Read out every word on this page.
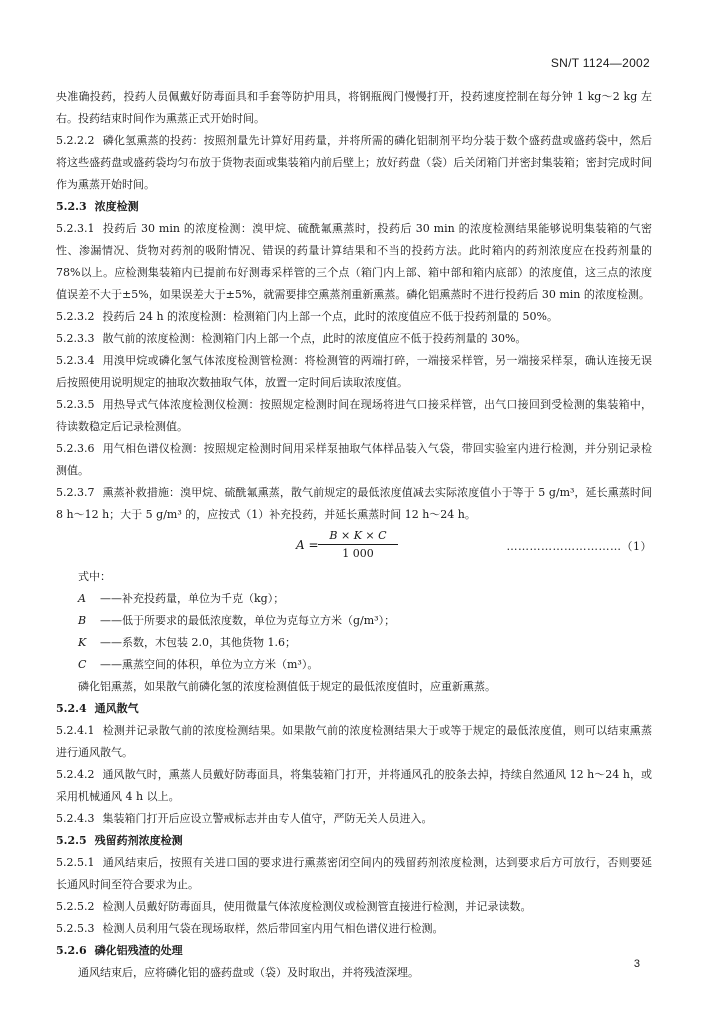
SN/T 1124—2002

央准确投药，投药人员佩戴好防毒面具和手套等防护用具，将钢瓶阀门慢慢打开，投药速度控制在每分钟 1 kg～2 kg 左右。投药结束时间作为熏蒸正式开始时间。

5.2.2.2 磷化氢熏蒸的投药：按照剂量先计算好用药量，并将所需的磷化铝制剂平均分装于数个盛药盘或盛药袋中，然后将这些盛药盘或盛药袋均匀布放于货物表面或集装箱内前后壁上；放好药盘（袋）后关闭箱门并密封集装箱；密封完成时间作为熏蒸开始时间。

5.2.3 浓度检测

5.2.3.1 投药后 30 min 的浓度检测：溴甲烷、硫酰氟熏蒸时，投药后 30 min 的浓度检测结果能够说明集装箱的气密性、渗漏情况、货物对药剂的吸附情况、错误的药量计算结果和不当的投药方法。此时箱内的药剂浓度应在投药剂量的 78%以上。应检测集装箱内已提前布好测毒采样管的三个点（箱门内上部、箱中部和箱内底部）的浓度值，这三点的浓度值误差不大于±5%，如果误差大于±5%，就需要排空熏蒸剂重新熏蒸。磷化铝熏蒸时不进行投药后 30 min 的浓度检测。

5.2.3.2 投药后 24 h 的浓度检测：检测箱门内上部一个点，此时的浓度值应不低于投药剂量的 50%。

5.2.3.3 散气前的浓度检测：检测箱门内上部一个点，此时的浓度值应不低于投药剂量的 30%。

5.2.3.4 用溴甲烷或磷化氢气体浓度检测管检测：将检测管的两端打碎，一端接采样管，另一端接采样泵，确认连接无误后按照使用说明规定的抽取次数抽取气体，放置一定时间后读取浓度值。

5.2.3.5 用热导式气体浓度检测仪检测：按照规定检测时间在现场将进气口接采样管，出气口接回到受检测的集装箱中，待读数稳定后记录检测值。

5.2.3.6 用气相色谱仪检测：按照规定检测时间用采样泵抽取气体样品装入气袋，带回实验室内进行检测，并分别记录检测值。

5.2.3.7 熏蒸补救措施：溴甲烷、硫酰氟熏蒸，散气前规定的最低浓度值减去实际浓度值小于等于 5 g/m³，延长熏蒸时间 8 h～12 h；大于 5 g/m³ 的，应按式（1）补充投药，并延长熏蒸时间 12 h～24 h。

A =
B × K × C
1 000
…………………………（1）

式中：

A ——补充投药量，单位为千克（kg）；

B ——低于所要求的最低浓度数，单位为克每立方米（g/m³）；

K ——系数，木包装 2.0，其他货物 1.6；

C ——熏蒸空间的体积，单位为立方米（m³）。

磷化铝熏蒸，如果散气前磷化氢的浓度检测值低于规定的最低浓度值时，应重新熏蒸。

5.2.4 通风散气

5.2.4.1 检测并记录散气前的浓度检测结果。如果散气前的浓度检测结果大于或等于规定的最低浓度值，则可以结束熏蒸进行通风散气。

5.2.4.2 通风散气时，熏蒸人员戴好防毒面具，将集装箱门打开，并将通风孔的胶条去掉，持续自然通风 12 h～24 h，或采用机械通风 4 h 以上。

5.2.4.3 集装箱门打开后应设立警戒标志并由专人值守，严防无关人员进入。

5.2.5 残留药剂浓度检测

5.2.5.1 通风结束后，按照有关进口国的要求进行熏蒸密闭空间内的残留药剂浓度检测，达到要求后方可放行，否则要延长通风时间至符合要求为止。

5.2.5.2 检测人员戴好防毒面具，使用微量气体浓度检测仪或检测管直接进行检测，并记录读数。

5.2.5.3 检测人员利用气袋在现场取样，然后带回室内用气相色谱仪进行检测。

5.2.6 磷化铝残渣的处理

通风结束后，应将磷化铝的盛药盘或（袋）及时取出，并将残渣深埋。

3
